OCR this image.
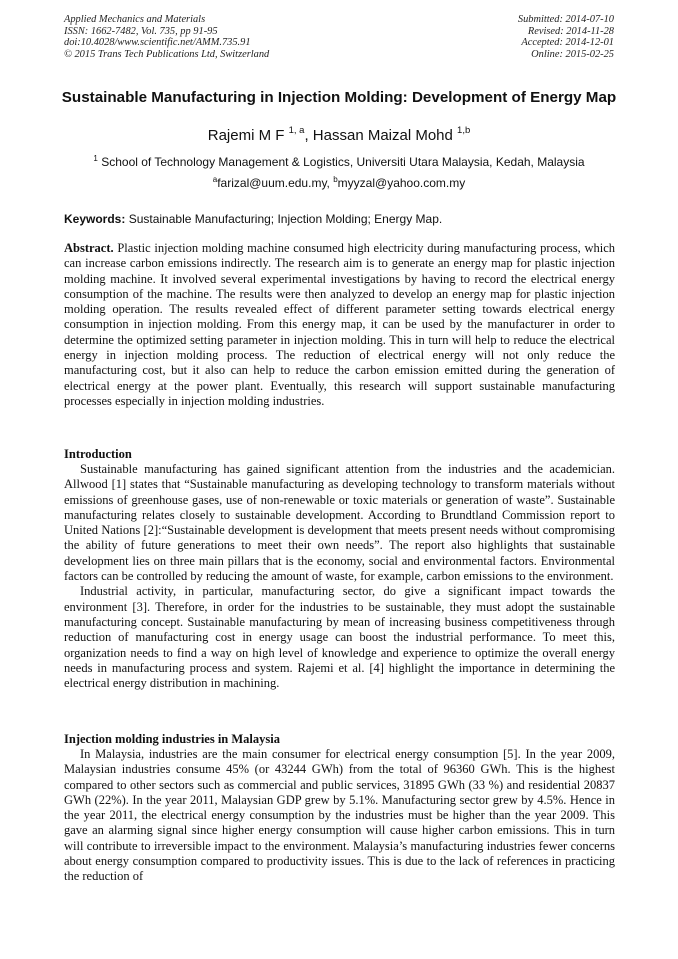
Applied Mechanics and Materials
ISSN: 1662-7482, Vol. 735, pp 91-95
doi:10.4028/www.scientific.net/AMM.735.91
© 2015 Trans Tech Publications Ltd, Switzerland
Submitted: 2014-07-10
Revised: 2014-11-28
Accepted: 2014-12-01
Online: 2015-02-25
Sustainable Manufacturing in Injection Molding: Development of Energy Map
Rajemi M F $^{1, a}$, Hassan Maizal Mohd $^{1,b}$
$^1$ School of Technology Management & Logistics, Universiti Utara Malaysia, Kedah, Malaysia
$^a$farizal@uum.edu.my, $^b$myyzal@yahoo.com.my
Keywords: Sustainable Manufacturing; Injection Molding; Energy Map.

Abstract. Plastic injection molding machine consumed high electricity during manufacturing process, which can increase carbon emissions indirectly. The research aim is to generate an energy map for plastic injection molding machine. It involved several experimental investigations by having to record the electrical energy consumption of the machine. The results were then analyzed to develop an energy map for plastic injection molding operation. The results revealed effect of different parameter setting towards electrical energy consumption in injection molding. From this energy map, it can be used by the manufacturer in order to determine the optimized setting parameter in injection molding. This in turn will help to reduce the electrical energy in injection molding process. The reduction of electrical energy will not only reduce the manufacturing cost, but it also can help to reduce the carbon emission emitted during the generation of electrical energy at the power plant. Eventually, this research will support sustainable manufacturing processes especially in injection molding industries.

Introduction

Sustainable manufacturing has gained significant attention from the industries and the academician. Allwood [1] states that “Sustainable manufacturing as developing technology to transform materials without emissions of greenhouse gases, use of non-renewable or toxic materials or generation of waste”. Sustainable manufacturing relates closely to sustainable development. According to Brundtland Commission report to United Nations [2]:“Sustainable development is development that meets present needs without compromising the ability of future generations to meet their own needs”. The report also highlights that sustainable development lies on three main pillars that is the economy, social and environmental factors. Environmental factors can be controlled by reducing the amount of waste, for example, carbon emissions to the environment.

Industrial activity, in particular, manufacturing sector, do give a significant impact towards the environment [3]. Therefore, in order for the industries to be sustainable, they must adopt the sustainable manufacturing concept. Sustainable manufacturing by mean of increasing business competitiveness through reduction of manufacturing cost in energy usage can boost the industrial performance. To meet this, organization needs to find a way on high level of knowledge and experience to optimize the overall energy needs in manufacturing process and system. Rajemi et al. [4] highlight the importance in determining the electrical energy distribution in machining.

Injection molding industries in Malaysia

In Malaysia, industries are the main consumer for electrical energy consumption [5]. In the year 2009, Malaysian industries consume 45% (or 43244 GWh) from the total of 96360 GWh. This is the highest compared to other sectors such as commercial and public services, 31895 GWh (33 %) and residential 20837 GWh (22%). In the year 2011, Malaysian GDP grew by 5.1%. Manufacturing sector grew by 4.5%. Hence in the year 2011, the electrical energy consumption by the industries must be higher than the year 2009. This gave an alarming signal since higher energy consumption will cause higher carbon emissions. This in turn will contribute to irreversible impact to the environment. Malaysia’s manufacturing industries fewer concerns about energy consumption compared to productivity issues. This is due to the lack of references in practicing the reduction of
